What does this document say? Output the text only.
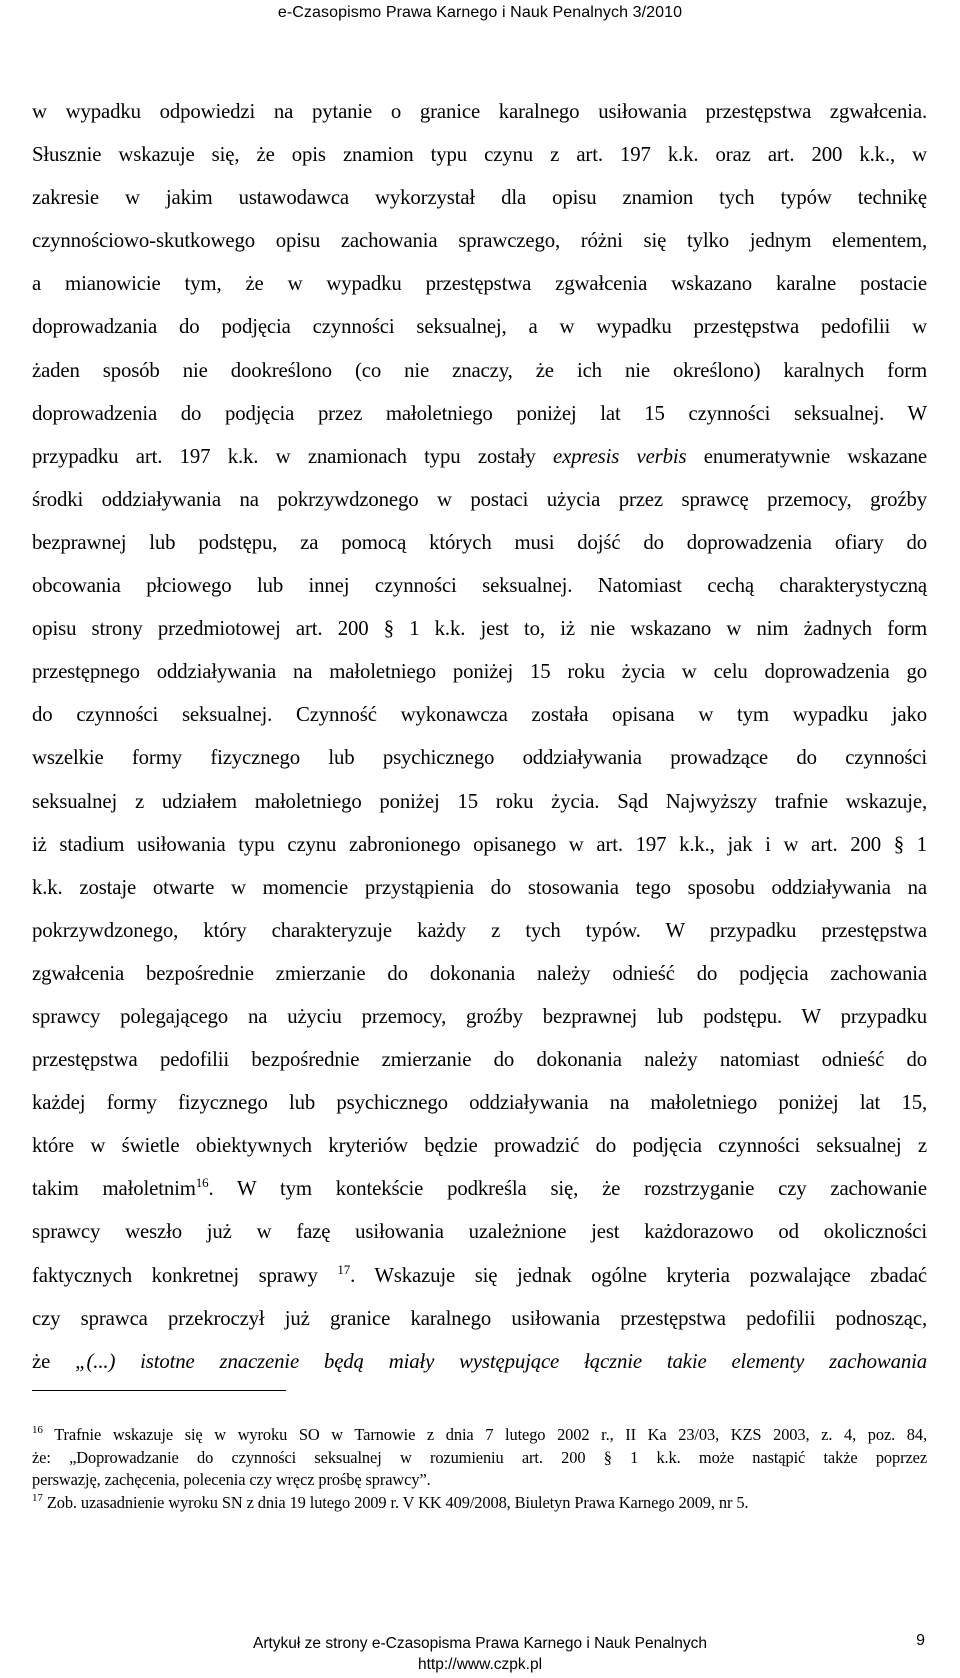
e-Czasopismo Prawa Karnego i Nauk Penalnych 3/2010
w wypadku odpowiedzi na pytanie o granice karalnego usiłowania przestępstwa zgwałcenia.
Słusznie wskazuje się, że opis znamion typu czynu z art. 197 k.k. oraz art. 200 k.k., w
zakresie w jakim ustawodawca wykorzystał dla opisu znamion tych typów technikę
czynnościowo-skutkowego opisu zachowania sprawczego, różni się tylko jednym elementem,
a mianowicie tym, że w wypadku przestępstwa zgwałcenia wskazano karalne postacie
doprowadzania do podjęcia czynności seksualnej, a w wypadku przestępstwa pedofilii w
żaden sposób nie dookreślono (co nie znaczy, że ich nie określono) karalnych form
doprowadzenia do podjęcia przez małoletniego poniżej lat 15 czynności seksualnej. W
przypadku art. 197 k.k. w znamionach typu zostały expresis verbis enumeratywnie wskazane
środki oddziaływania na pokrzywdzonego w postaci użycia przez sprawcę przemocy, groźby
bezprawnej lub podstępu, za pomocą których musi dojść do doprowadzenia ofiary do
obcowania płciowego lub innej czynności seksualnej. Natomiast cechą charakterystyczną
opisu strony przedmiotowej art. 200 § 1 k.k. jest to, iż nie wskazano w nim żadnych form
przestępnego oddziaływania na małoletniego poniżej 15 roku życia w celu doprowadzenia go
do czynności seksualnej. Czynność wykonawcza została opisana w tym wypadku jako
wszelkie formy fizycznego lub psychicznego oddziaływania prowadzące do czynności
seksualnej z udziałem małoletniego poniżej 15 roku życia. Sąd Najwyższy trafnie wskazuje,
iż stadium usiłowania typu czynu zabronionego opisanego w art. 197 k.k., jak i w art. 200 § 1
k.k. zostaje otwarte w momencie przystąpienia do stosowania tego sposobu oddziaływania na
pokrzywdzonego, który charakteryzuje każdy z tych typów. W przypadku przestępstwa
zgwałcenia bezpośrednie zmierzanie do dokonania należy odnieść do podjęcia zachowania
sprawcy polegającego na użyciu przemocy, groźby bezprawnej lub podstępu. W przypadku
przestępstwa pedofilii bezpośrednie zmierzanie do dokonania należy natomiast odnieść do
każdej formy fizycznego lub psychicznego oddziaływania na małoletniego poniżej lat 15,
które w świetle obiektywnych kryteriów będzie prowadzić do podjęcia czynności seksualnej z
takim małoletnim$^{16}$. W tym kontekście podkreśla się, że rozstrzyganie czy zachowanie
sprawcy weszło już w fazę usiłowania uzależnione jest każdorazowo od okoliczności
faktycznych konkretnej sprawy $^{17}$. Wskazuje się jednak ogólne kryteria pozwalające zbadać
czy sprawca przekroczył już granice karalnego usiłowania przestępstwa pedofilii podnosząc,
że „(...) istotne znaczenie będą miały występujące łącznie takie elementy zachowania
$^{16}$ Trafnie wskazuje się w wyroku SO w Tarnowie z dnia 7 lutego 2002 r., II Ka 23/03, KZS 2003, z. 4, poz. 84,
że: „Doprowadzanie do czynności seksualnej w rozumieniu art. 200 § 1 k.k. może nastąpić także poprzez
perswazję, zachęcenia, polecenia czy wręcz prośbę sprawcy”.
$^{17}$ Zob. uzasadnienie wyroku SN z dnia 19 lutego 2009 r. V KK 409/2008, Biuletyn Prawa Karnego 2009, nr 5.
Artykuł ze strony e-Czasopisma Prawa Karnego i Nauk Penalnych
http://www.czpk.pl
9
